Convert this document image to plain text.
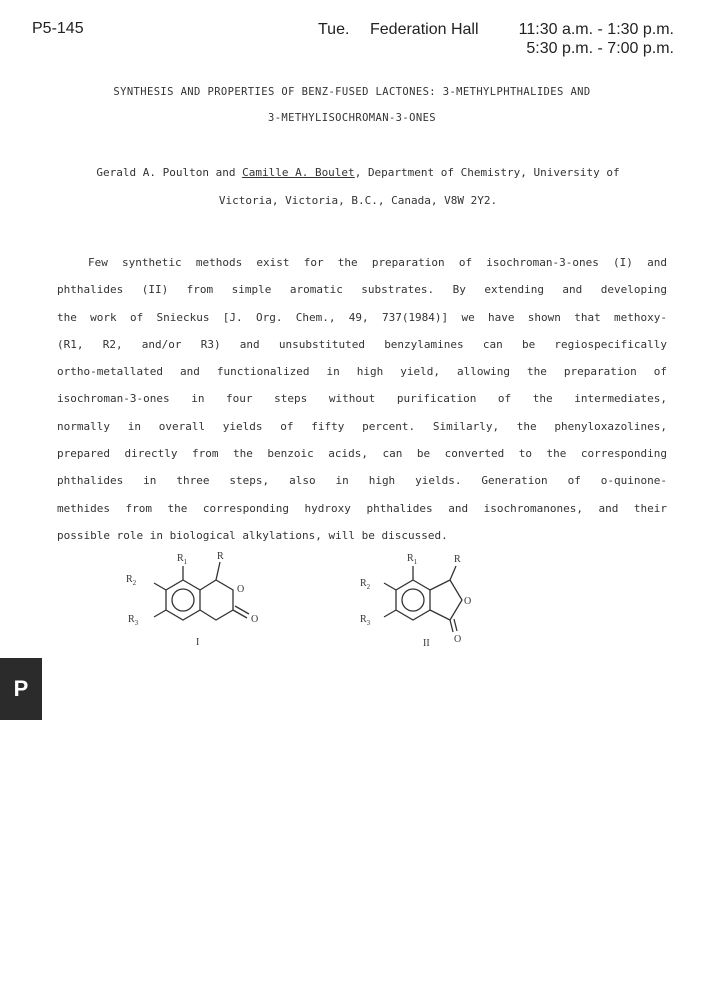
P5-145	Tue.	Federation Hall	11:30 a.m. - 1:30 p.m.
5:30 p.m. - 7:00 p.m.
SYNTHESIS AND PROPERTIES OF BENZ-FUSED LACTONES: 3-METHYLPHTHALIDES AND
3-METHYLISOCHROMAN-3-ONES
Gerald A. Poulton and Camille A. Boulet, Department of Chemistry, University of
Victoria, Victoria, B.C., Canada, V8W 2Y2.
Few synthetic methods exist for the preparation of isochroman-3-ones (I) and
phthalides (II) from simple aromatic substrates. By extending and developing
the work of Snieckus [J. Org. Chem., 49, 737(1984)] we have shown that methoxy-
(R1, R2, and/or R3) and unsubstituted benzylamines can be regiospecifically
ortho-metallated and functionalized in high yield, allowing the preparation of
isochroman-3-ones in four steps without purification of the intermediates,
normally in overall yields of fifty percent. Similarly, the phenyloxazolines,
prepared directly from the benzoic acids, can be converted to the corresponding
phthalides in three steps, also in high yields. Generation of o-quinone-
methides from the corresponding hydroxy phthalides and isochromanones, and their
possible role in biological alkylations, will be discussed.
$R_1$	R
$R_2$
$R_3$
O
O
I
$R_1$	R
$R_2$
$R_3$
O
O
II
P
